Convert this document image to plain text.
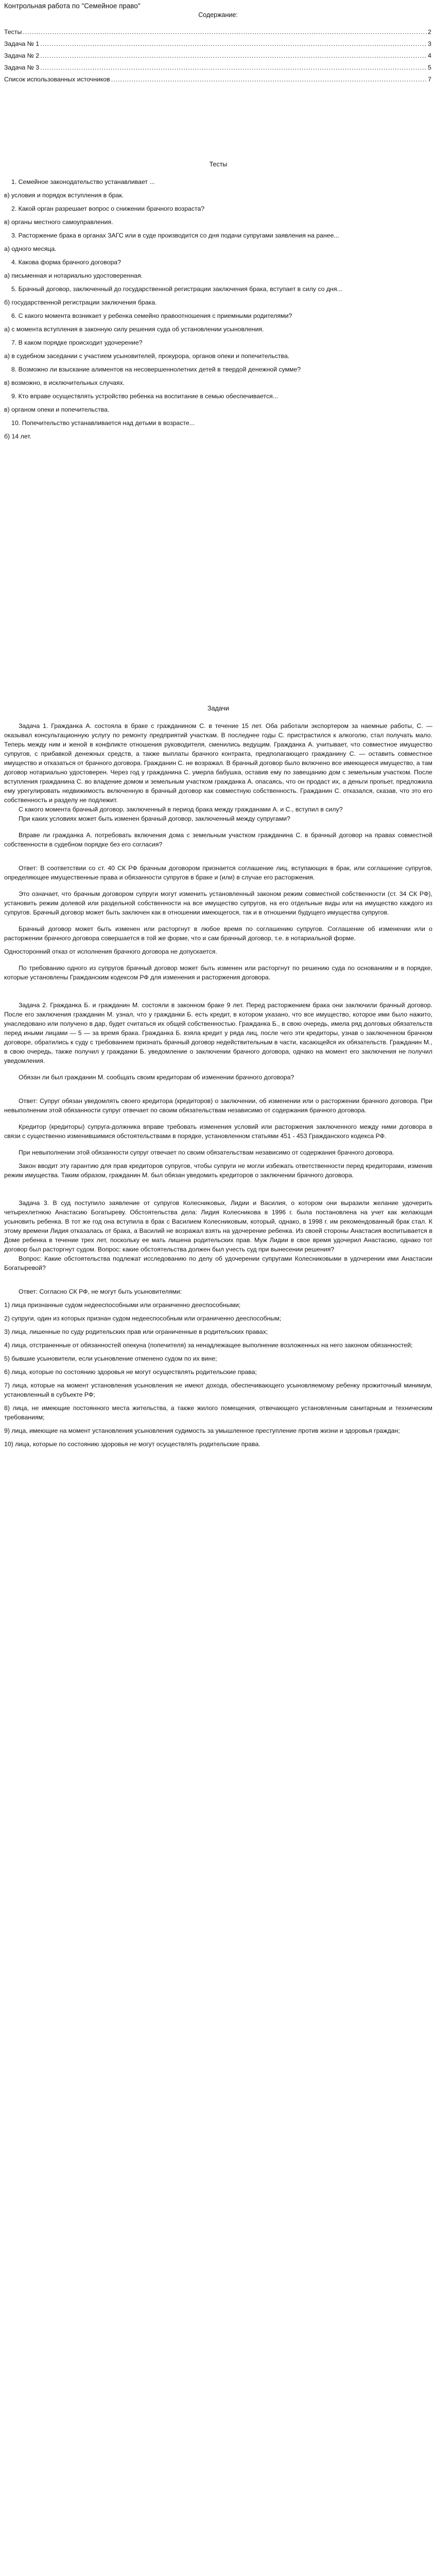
Контрольная работа по "Семейное право"
Содержание:
Тесты .....	2
Задача № 1 .....	3
Задача № 2 .....	4
Задача № 3 .....	5
Список использованных источников .....	7
Тесты

1. Семейное законодательство устанавливает ...

в) условия и порядок вступления в брак.

2. Какой орган разрешает вопрос о снижении брачного возраста?

в) органы местного самоуправления.

3. Расторжение брака в органах ЗАГС или в суде производится со дня подачи супругами заявления на ранее...

а) одного месяца.

4. Какова форма брачного договора?

а) письменная и нотариально удостоверенная.

5. Брачный договор, заключенный до государственной регистрации заключения брака, вступает в силу со дня...

б) государственной регистрации заключения брака.

6. С какого момента возникает у ребенка семейно правоотношения с приемными родителями?

а) с момента вступления в законную силу решения суда об установлении усыновления.

7. В каком порядке происходит удочерение?

а) в судебном заседании с участием усыновителей, прокурора, органов опеки и попечительства.

8. Возможно ли взыскание алиментов на несовершеннолетних детей в твердой денежной сумме?

в) возможно, в исключительных случаях.

9. Кто вправе осуществлять устройство ребенка на воспитание в семью обеспечивается...

в) органом опеки и попечительства.

10. Попечительство устанавливается над детьми в возрасте...

б) 14 лет.

Задачи

Задача 1. Гражданка А. состояла в браке с гражданином С. в течение 15 лет. Оба работали экспортером за наемные работы, С. — оказывал консультационную услугу по ремонту предприятий участкам. В последнее годы С. пристрастился к алкоголю, стал получать мало. Теперь между ним и женой в конфликте отношения руководителя, сменились ведущим. Гражданка А. учитывает, что совместное имущество супругов, с прибавкой денежных средств, а также выплаты брачного контракта, предполагающего гражданину С. — оставить совместное имущество и отказаться от брачного договора. Гражданин С. не возражал. В брачный договор было включено все имеющееся имущество, а там договор нотариально удостоверен. Через год у гражданина С. умерла бабушка, оставив ему по завещанию дом с земельным участком. После вступления гражданина С. во владение домом и земельным участком гражданка А. опасаясь, что он продаст их, а деньги пропьет, предложила ему урегулировать недвижимость включенную в брачный договор как совместную собственность. Гражданин С. отказался, сказав, что это его собственность и разделу не подлежит.

С какого момента брачный договор, заключенный в период брака между гражданами А. и С., вступил в силу?

При каких условиях может быть изменен брачный договор, заключенный между супругами?

Вправе ли гражданка А. потребовать включения дома с земельным участком гражданина С. в брачный договор на правах совместной собственности в судебном порядке без его согласия?

Ответ: В соответствии со ст. 40 СК РФ брачным договором признается соглашение лиц, вступающих в брак, или соглашение супругов, определяющее имущественные права и обязанности супругов в браке и (или) в случае его расторжения.

Это означает, что брачным договором супруги могут изменить установленный законом режим совместной собственности (ст. 34 СК РФ), установить режим долевой или раздельной собственности на все имущество супругов, на его отдельные виды или на имущество каждого из супругов. Брачный договор может быть заключен как в отношении имеющегося, так и в отношении будущего имущества супругов.

Брачный договор может быть изменен или расторгнут в любое время по соглашению супругов. Соглашение об изменении или о расторжении брачного договора совершается в той же форме, что и сам брачный договор, т.е. в нотариальной форме.

Односторонний отказ от исполнения брачного договора не допускается.

По требованию одного из супругов брачный договор может быть изменен или расторгнут по решению суда по основаниям и в порядке, которые установлены Гражданским кодексом РФ для изменения и расторжения договора.

Задача 2. Гражданка Б. и гражданин М. состояли в законном браке 9 лет. Перед расторжением брака они заключили брачный договор. После его заключения гражданин М. узнал, что у гражданки Б. есть кредит, в котором указано, что все имущество, которое ими было нажито, унаследовано или получено в дар, будет считаться их общей собственностью. Гражданка Б., в свою очередь, имела ряд долговых обязательств перед иными лицами — 5 — за время брака. Гражданка Б. взяла кредит у ряда лиц, после чего эти кредиторы, узнав о заключенном брачном договоре, обратились к суду с требованием признать брачный договор недействительным в части, касающейся их обязательств. Гражданин М., в свою очередь, также получил у гражданки Б. уведомление о заключении брачного договора, однако на момент его заключения не получил уведомления.

Обязан ли был гражданин М. сообщать своим кредиторам об изменении брачного договора?

Ответ: Супруг обязан уведомлять своего кредитора (кредиторов) о заключении, об изменении или о расторжении брачного договора. При невыполнении этой обязанности супруг отвечает по своим обязательствам независимо от содержания брачного договора.

Кредитор (кредиторы) супруга-должника вправе требовать изменения условий или расторжения заключенного между ними договора в связи с существенно изменившимися обстоятельствами в порядке, установленном статьями 451 - 453 Гражданского кодекса РФ.

При невыполнении этой обязанности супруг отвечает по своим обязательствам независимо от содержания брачного договора.

Закон вводит эту гарантию для прав кредиторов супругов, чтобы супруги не могли избежать ответственности перед кредиторами, изменив режим имущества. Таким образом, гражданин М. был обязан уведомить кредиторов о заключении брачного договора.

Задача 3. В суд поступило заявление от супругов Колесниковых, Лидии и Василия, о котором они выразили желание удочерить четырехлетнюю Анастасию Богатыреву. Обстоятельства дела: Лидия Колесникова в 1996 г. была постановлена на учет как желающая усыновить ребенка. В тот же год она вступила в брак с Василием Колесниковым, который, однако, в 1998 г. им рекомендованный брак стал. К этому времени Лидия отказалась от брака, а Василий не возражал взять на удочерение ребенка. Из своей стороны Анастасия воспитывается в Доме ребенка в течение трех лет, поскольку ее мать лишена родительских прав. Муж Лидии в свое время удочерил Анастасию, однако тот договор был расторгнут судом. Вопрос: какие обстоятельства должен был учесть суд при вынесении решения?

Вопрос: Какие обстоятельства подлежат исследованию по делу об удочерении супругами Колесниковыми в удочерении ими Анастасии Богатыревой?

Ответ: Согласно СК РФ, не могут быть усыновителями:

1) лица признанные судом недееспособными или ограниченно дееспособными;

2) супруги, один из которых признан судом недееспособным или ограниченно дееспособным;

3) лица, лишенные по суду родительских прав или ограниченные в родительских правах;

4) лица, отстраненные от обязанностей опекуна (попечителя) за ненадлежащее выполнение возложенных на него законом обязанностей;

5) бывшие усыновители, если усыновление отменено судом по их вине;

6) лица, которые по состоянию здоровья не могут осуществлять родительские права;

7) лица, которые на момент установления усыновления не имеют дохода, обеспечивающего усыновляемому ребенку прожиточный минимум, установленный в субъекте РФ;

8) лица, не имеющие постоянного места жительства, а также жилого помещения, отвечающего установленным санитарным и техническим требованиям;

9) лица, имеющие на момент установления усыновления судимость за умышленное преступление против жизни и здоровья граждан;

10) лица, которые по состоянию здоровья не могут осуществлять родительские права.
